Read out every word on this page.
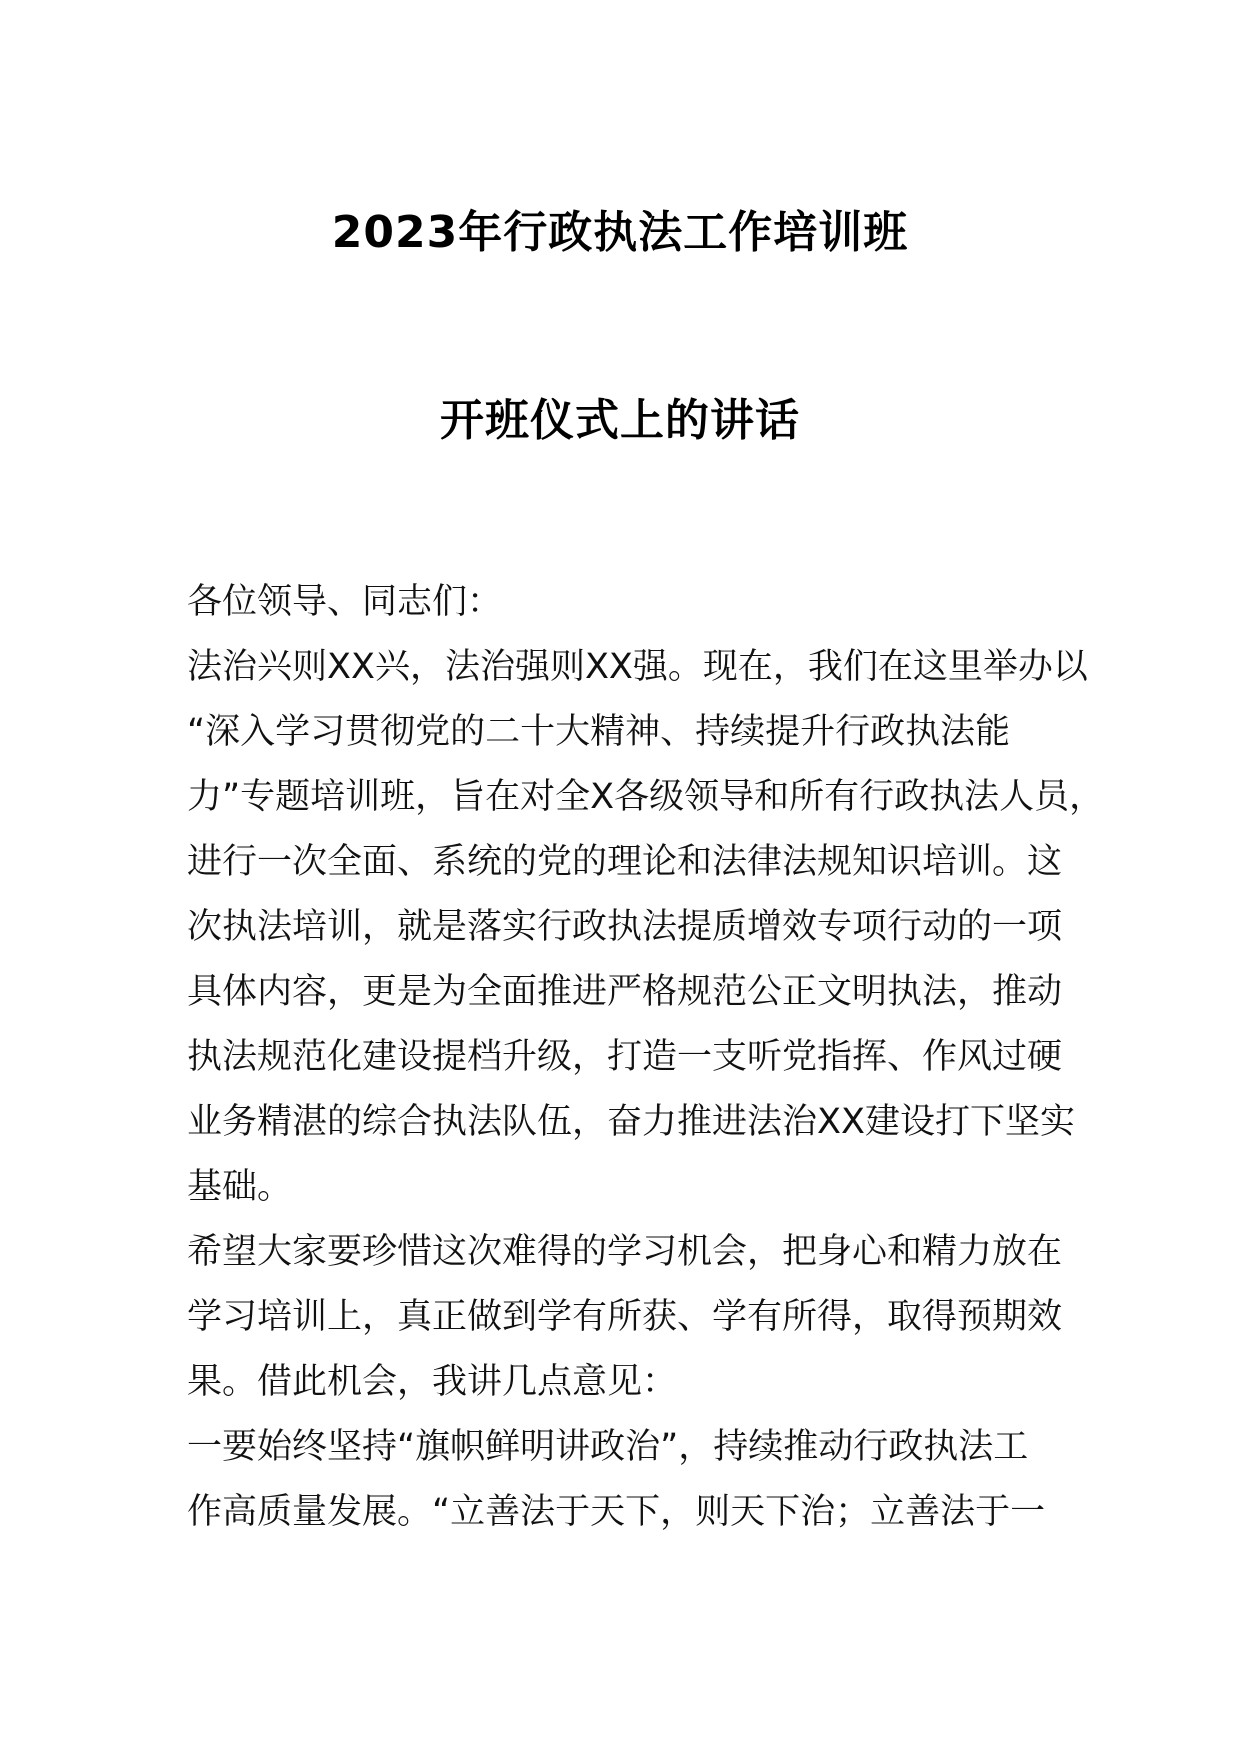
2023年行政执法工作培训班
开班仪式上的讲话
各位领导、同志们：
法治兴则XX兴，法治强则XX强。现在，我们在这里举办以
“深入学习贯彻党的二十大精神、持续提升行政执法能
力”专题培训班，旨在对全X各级领导和所有行政执法人员，
进行一次全面、系统的党的理论和法律法规知识培训。这
次执法培训，就是落实行政执法提质增效专项行动的一项
具体内容，更是为全面推进严格规范公正文明执法，推动
执法规范化建设提档升级，打造一支听党指挥、作风过硬
业务精湛的综合执法队伍，奋力推进法治XX建设打下坚实
基础。
希望大家要珍惜这次难得的学习机会，把身心和精力放在
学习培训上，真正做到学有所获、学有所得，取得预期效
果。借此机会，我讲几点意见：
一要始终坚持“旗帜鲜明讲政治”，持续推动行政执法工
作高质量发展。“立善法于天下，则天下治；立善法于一
